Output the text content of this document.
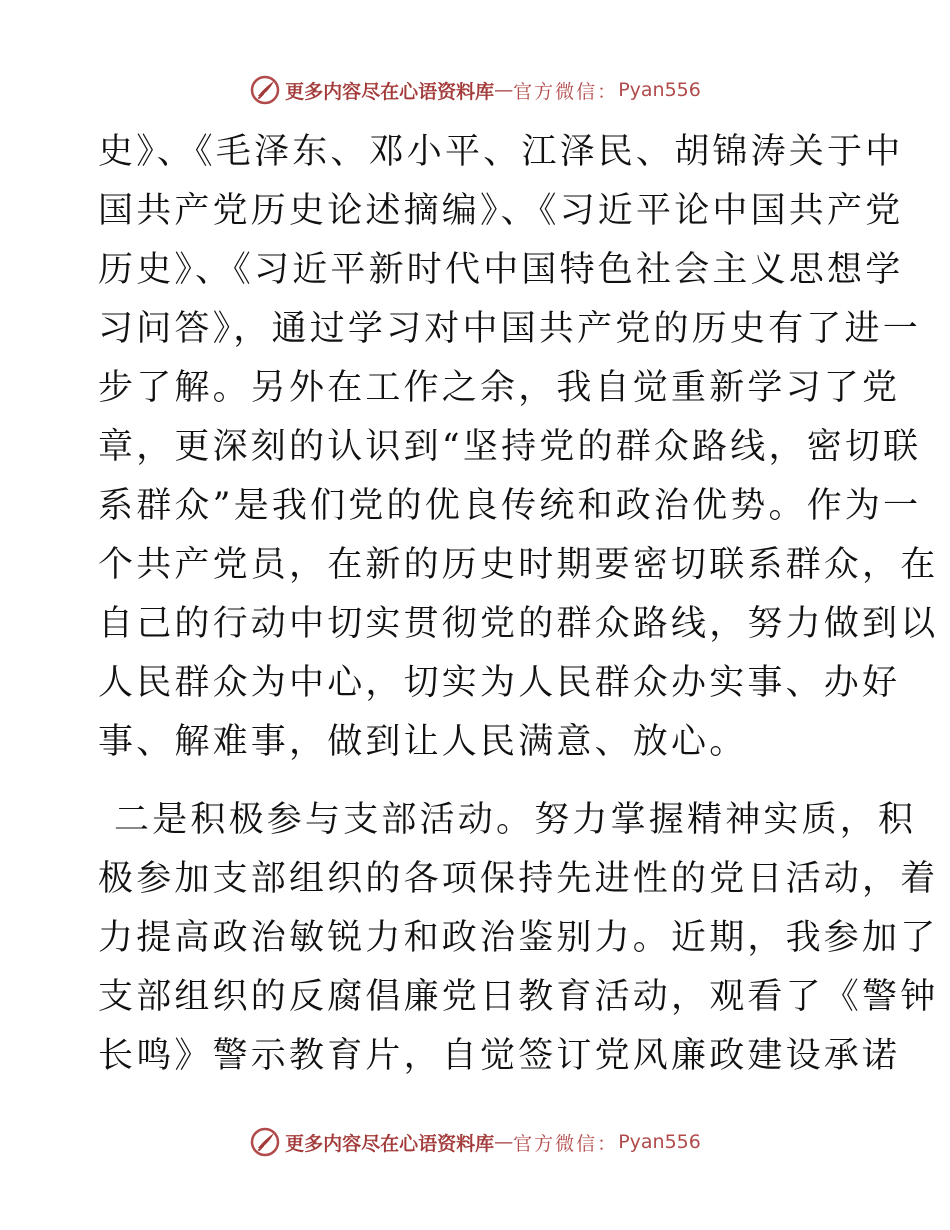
更多内容尽在心语资料库 — 官方微信： Pyan556
史》、《毛泽东、邓小平、江泽民、胡锦涛关于中
国共产党历史论述摘编》、《习近平论中国共产党
历史》、《习近平新时代中国特色社会主义思想学
习问答》，通过学习对中国共产党的历史有了进一
步了解。另外在工作之余，我自觉重新学习了党
章，更深刻的认识到“坚持党的群众路线，密切联
系群众”是我们党的优良传统和政治优势。作为一
个共产党员，在新的历史时期要密切联系群众，在
自己的行动中切实贯彻党的群众路线，努力做到以
人民群众为中心，切实为人民群众办实事、办好
事、解难事，做到让人民满意、放心。
二是积极参与支部活动。努力掌握精神实质，积
极参加支部组织的各项保持先进性的党日活动，着
力提高政治敏锐力和政治鉴别力。近期，我参加了
支部组织的反腐倡廉党日教育活动，观看了《警钟
长鸣》警示教育片，自觉签订党风廉政建设承诺
更多内容尽在心语资料库 — 官方微信： Pyan556
